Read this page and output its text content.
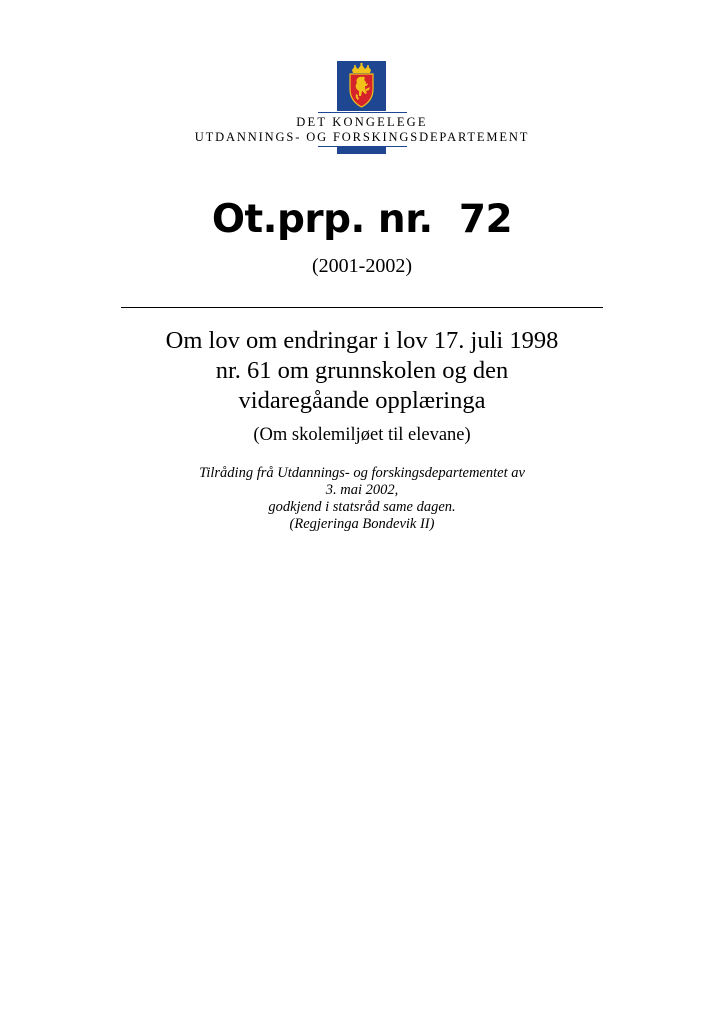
DET KONGELEGE
UTDANNINGS- OG FORSKINGSDEPARTEMENT
Ot.prp. nr.  72
(2001-2002)
Om lov om endringar i lov 17. juli 1998
nr. 61 om grunnskolen og den
vidaregåande opplæringa
(Om skolemiljøet til elevane)
Tilråding frå Utdannings- og forskingsdepartementet av
3. mai 2002,
godkjend i statsråd same dagen.
(Regjeringa Bondevik II)
